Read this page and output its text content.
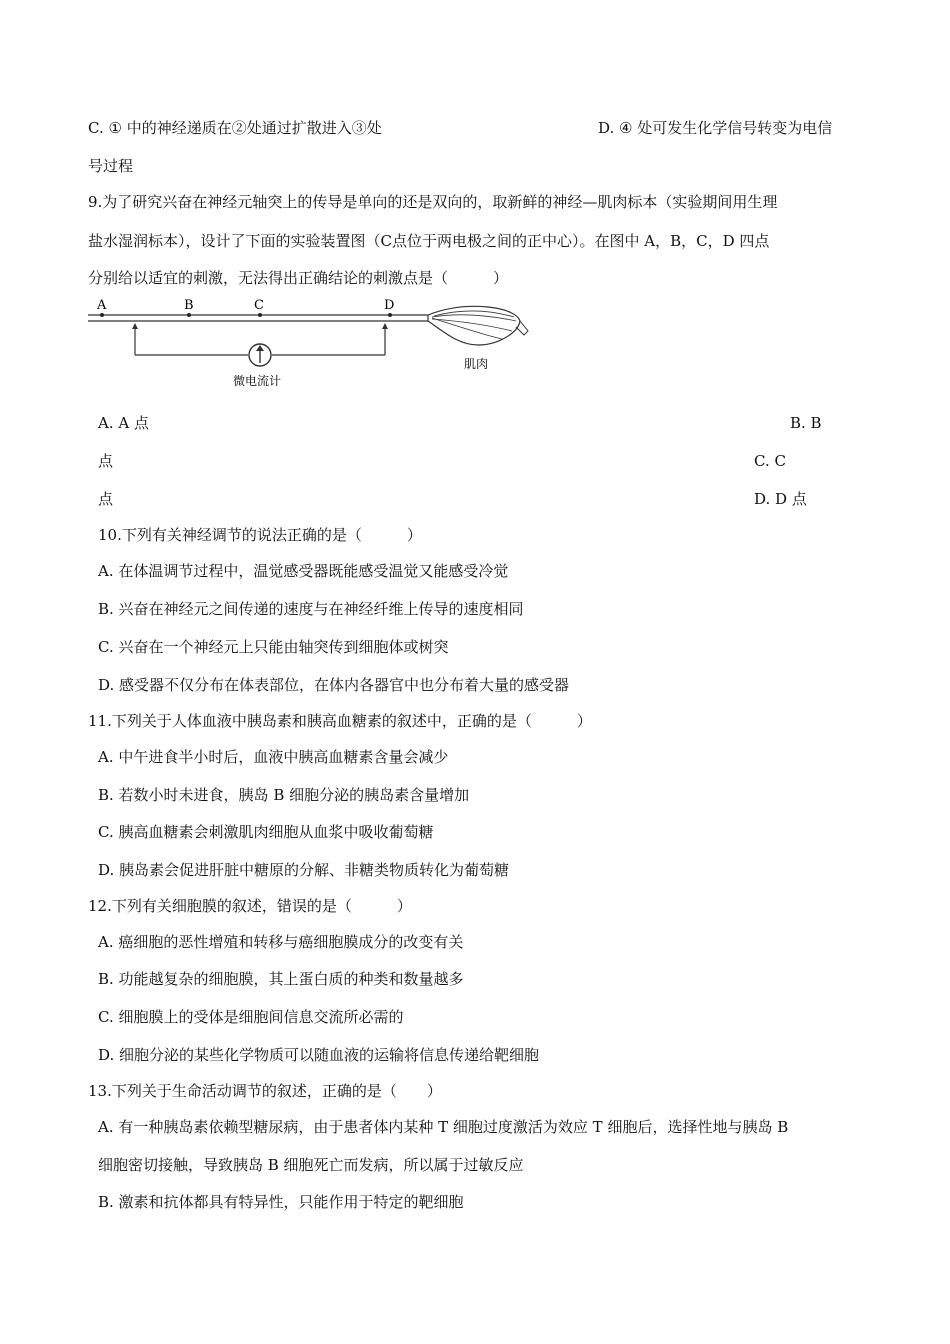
C. ① 中的神经递质在②处通过扩散进入③处	D. ④ 处可发生化学信号转变为电信
号过程
9.为了研究兴奋在神经元轴突上的传导是单向的还是双向的，取新鲜的神经—肌肉标本（实验期间用生理
盐水湿润标本），设计了下面的实验装置图（C点位于两电极之间的正中心）。在图中 A，B，C，D 四点
分别给以适宜的刺激，无法得出正确结论的刺激点是（　　　）
A	B	C	D
微电流计
肌肉
A. A 点	B. B
点	C. C
点	D. D 点
10.下列有关神经调节的说法正确的是（　　　）
A. 在体温调节过程中，温觉感受器既能感受温觉又能感受冷觉
B. 兴奋在神经元之间传递的速度与在神经纤维上传导的速度相同
C. 兴奋在一个神经元上只能由轴突传到细胞体或树突
D. 感受器不仅分布在体表部位，在体内各器官中也分布着大量的感受器
11.下列关于人体血液中胰岛素和胰高血糖素的叙述中，正确的是（　　　）
A. 中午进食半小时后，血液中胰高血糖素含量会减少
B. 若数小时未进食，胰岛 B 细胞分泌的胰岛素含量增加
C. 胰高血糖素会刺激肌肉细胞从血浆中吸收葡萄糖
D. 胰岛素会促进肝脏中糖原的分解、非糖类物质转化为葡萄糖
12.下列有关细胞膜的叙述，错误的是（　　　）
A. 癌细胞的恶性增殖和转移与癌细胞膜成分的改变有关
B. 功能越复杂的细胞膜，其上蛋白质的种类和数量越多
C. 细胞膜上的受体是细胞间信息交流所必需的
D. 细胞分泌的某些化学物质可以随血液的运输将信息传递给靶细胞
13.下列关于生命活动调节的叙述，正确的是（　　）
A. 有一种胰岛素依赖型糖尿病，由于患者体内某种 T 细胞过度激活为效应 T 细胞后，选择性地与胰岛 B
细胞密切接触，导致胰岛 B 细胞死亡而发病，所以属于过敏反应
B. 激素和抗体都具有特异性，只能作用于特定的靶细胞
